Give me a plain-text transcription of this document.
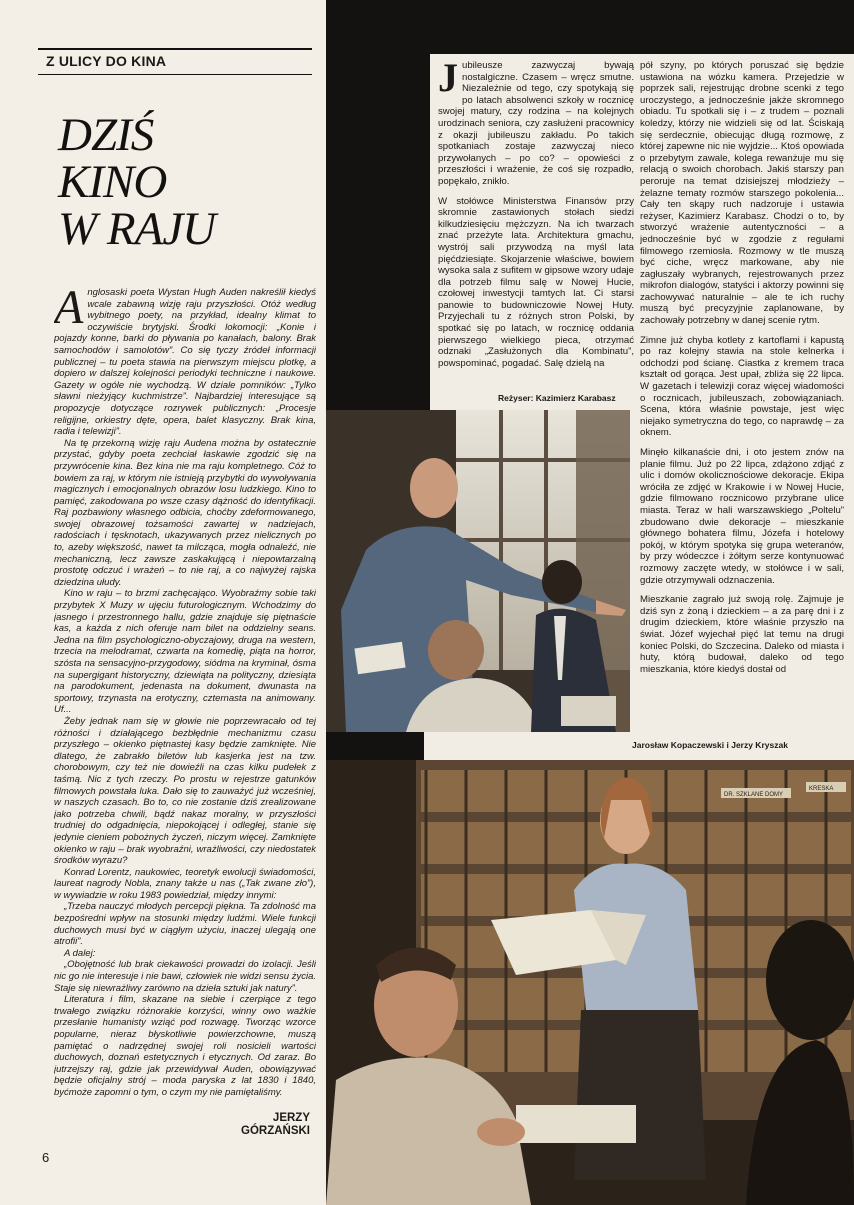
Z ULICY DO KINA
DZIŚ
KINO
W RAJU

Anglosaski poeta Wystan Hugh Auden nakreślił kiedyś wcale zabawną wizję raju przyszłości. Otóż według wybitnego poety, na przykład, idealny klimat to oczywiście brytyjski. Środki lokomocji: „Konie i pojazdy konne, barki do pływania po kanałach, balony. Brak samochodów i samolotów”. Co się tyczy źródeł informacji publicznej – tu poeta stawia na pierwszym miejscu plotkę, a dopiero w dalszej kolejności periodyki techniczne i naukowe. Gazety w ogóle nie wychodzą. W dziale pomników: „Tylko sławni nieżyjący kuchmistrze”. Najbardziej interesujące są propozycje dotyczące rozrywek publicznych: „Procesje religijne, orkiestry dęte, opera, balet klasyczny. Brak kina, radia i telewizji”.

Na tę przekorną wizję raju Audena można by ostatecznie przystać, gdyby poeta zechciał łaskawie zgodzić się na przywrócenie kina. Bez kina nie ma raju kompletnego. Cóż to bowiem za raj, w którym nie istnieją przybytki do wywoływania magicznych i emocjonalnych obrazów losu ludzkiego. Kino to pamięć, zakodowana po wsze czasy dążność do identyfikacji. Raj pozbawiony własnego odbicia, choćby zdeformowanego, swojej obrazowej tożsamości zawartej w nadziejach, radościach i tęsknotach, ukazywanych przez nielicznych po to, azeby większość, nawet ta milcząca, mogła odnaleźć, nie mechaniczną, lecz zawsze zaskakującą i niepowtarzalną prostotę odczuć i wrażeń – to nie raj, a co najwyżej rajska dziedzina ułudy.

Kino w raju – to brzmi zachęcająco. Wyobraźmy sobie taki przybytek X Muzy w ujęciu futurologicznym. Wchodzimy do jasnego i przestronnego hallu, gdzie znajduje się piętnaście kas, a każda z nich oferuje nam bilet na oddzielny seans. Jedna na film psychologiczno-obyczajowy, druga na western, trzecia na melodramat, czwarta na komedię, piąta na horror, szósta na sensacyjno-przygodowy, siódma na kryminał, ósma na supergigant historyczny, dziewiąta na polityczny, dziesiąta na parodokument, jedenasta na dokument, dwunasta na sportowy, trzynasta na erotyczny, czternasta na animowany. Uf...

Żeby jednak nam się w głowie nie poprzewracało od tej różności i działającego bezbłędnie mechanizmu czasu przyszłego – okienko piętnastej kasy będzie zamknięte. Nie dlatego, że zabrakło biletów lub kasjerka jest na tzw. chorobowym, czy też nie dowieźli na czas kilku pudełek z taśmą. Nic z tych rzeczy. Po prostu w rejestrze gatunków filmowych powstała luka. Dało się to zauważyć już wcześniej, w naszych czasach. Bo to, co nie zostanie dziś zrealizowane jako potrzeba chwili, bądź nakaz moralny, w przyszłości trudniej do odgadnięcia, niepokojącej i odległej, stanie się jedynie cieniem pobożnych życzeń, niczym więcej. Zamknięte okienko w raju – brak wyobraźni, wrażliwości, czy niedostatek środków wyrazu?

Konrad Lorentz, naukowiec, teoretyk ewolucji świadomości, laureat nagrody Nobla, znany także u nas („Tak zwane zło”), w wywiadzie w roku 1983 powiedział, między innymi:

„Trzeba nauczyć młodych percepcji piękna. Ta zdolność ma bezpośredni wpływ na stosunki między ludźmi. Wiele funkcji duchowych musi być w ciągłym użyciu, inaczej ulegają one atrofii”.

A dalej:

„Obojętność lub brak ciekawości prowadzi do izolacji. Jeśli nic go nie interesuje i nie bawi, człowiek nie widzi sensu życia. Staje się niewrażliwy zarówno na dzieła sztuki jak natury”.

Literatura i film, skazane na siebie i czerpiące z tego trwałego związku różnorakie korzyści, winny owo ważkie przesłanie humanisty wziąć pod rozwagę. Tworząc wzorce popularne, nieraz błyskotliwie powierzchowne, muszą pamiętać o nadrzędnej swojej roli nosicieli wartości duchowych, doznań estetycznych i etycznych. Od zaraz. Bo jutrzejszy raj, gdzie jak przewidywał Auden, obowiązywać będzie oficjalny strój – moda paryska z lat 1830 i 1840, byćmoże zapomni o tym, o czym my nie pamiętaliśmy.

JERZY
GÓRZAŃSKI
6

Jubileusze zazwyczaj bywają nostalgiczne. Czasem – wręcz smutne. Niezależnie od tego, czy spotykają się po latach absolwenci szkoły w rocznicę swojej matury, czy rodzina – na kolejnych urodzinach seniora, czy zasłużeni pracownicy z okazji jubileuszu zakładu. Po takich spotkaniach zostaje zazwyczaj nieco przywołanych – po co? – opowieści z przeszłości i wrażenie, że coś się rozpadło, popękało, znikło.

W stołówce Ministerstwa Finansów przy skromnie zastawionych stołach siedzi kilkudziesięciu mężczyzn. Na ich twarzach znać przeżyte lata. Architektura gmachu, wystrój sali przywodzą na myśl lata pięćdziesiąte. Skojarzenie właściwe, bowiem wysoka sala z sufitem w gipsowe wzory udaje dla potrzeb filmu salę w Nowej Hucie, czołowej inwestycji tamtych lat. Ci starsi panowie to budowniczowie Nowej Huty. Przyjechali tu z różnych stron Polski, by spotkać się po latach, w rocznicę oddania pierwszego wielkiego pieca, otrzymać odznaki „Zasłużonych dla Kombinatu”, powspominać, pogadać. Salę dzielą na

Reżyser: Kazimierz Karabasz

pół szyny, po których poruszać się będzie ustawiona na wózku kamera. Przejedzie w poprzek sali, rejestrując drobne scenki z tego uroczystego, a jednocześnie jakże skromnego obiadu. Tu spotkali się i – z trudem – poznali koledzy, którzy nie widzieli się od lat. Ściskają się serdecznie, obiecując długą rozmowę, z której zapewne nic nie wyjdzie... Ktoś opowiada o przebytym zawale, kolega rewanżuje mu się relacją o swoich chorobach. Jakiś starszy pan peroruje na temat dzisiejszej młodzieży – żelazne tematy rozmów starszego pokolenia... Cały ten skąpy ruch nadzoruje i ustawia reżyser, Kazimierz Karabasz. Chodzi o to, by stworzyć wrażenie autentyczności – a jednocześnie być w zgodzie z regułami filmowego rzemiosła. Rozmowy w tle muszą być ciche, wręcz markowane, aby nie zagłuszały wybranych, rejestrowanych przez mikrofon dialogów, statyści i aktorzy powinni się zachowywać naturalnie – ale te ich ruchy muszą być precyzyjnie zaplanowane, by zachowały potrzebny w danej scenie rytm.

Zimne już chyba kotlety z kartoflami i kapustą po raz kolejny stawia na stole kelnerka i odchodzi pod ścianę. Ciastka z kremem traca kształt od gorąca. Jest upał, zbliża się 22 lipca. W gazetach i telewizji coraz więcej wiadomości o rocznicach, jubileuszach, zobowiązaniach. Scena, która właśnie powstaje, jest więc niejako symetryczna do tego, co naprawdę – za oknem.

Minęło kilkanaście dni, i oto jestem znów na planie filmu. Już po 22 lipca, zdążono zdjąć z ulic i domów okolicznościowe dekoracje. Ekipa wróciła ze zdjęć w Krakowie i w Nowej Hucie, gdzie filmowano rocznicowo przybrane ulice miasta. Teraz w hali warszawskiego „Poltelu” zbudowano dwie dekoracje – mieszkanie głównego bohatera filmu, Józefa i hotelowy pokój, w którym spotyka się grupa weteranów, by przy wódeczce i żółtym serze kontynuować rozmowy zaczęte wtedy, w stołówce i w sali, gdzie otrzymywali odznaczenia.

Mieszkanie zagrało już swoją rolę. Zajmuje je dziś syn z żoną i dzieckiem – a za parę dni i z drugim dzieckiem, które właśnie przyszło na świat. Józef wyjechał pięć lat temu na drugi koniec Polski, do Szczecina. Daleko od miasta i huty, którą budował, daleko od tego mieszkania, które kiedyś dostał od

Jarosław Kopaczewski i Jerzy Kryszak
DR. SZKLANE DOMY
KRESKA
